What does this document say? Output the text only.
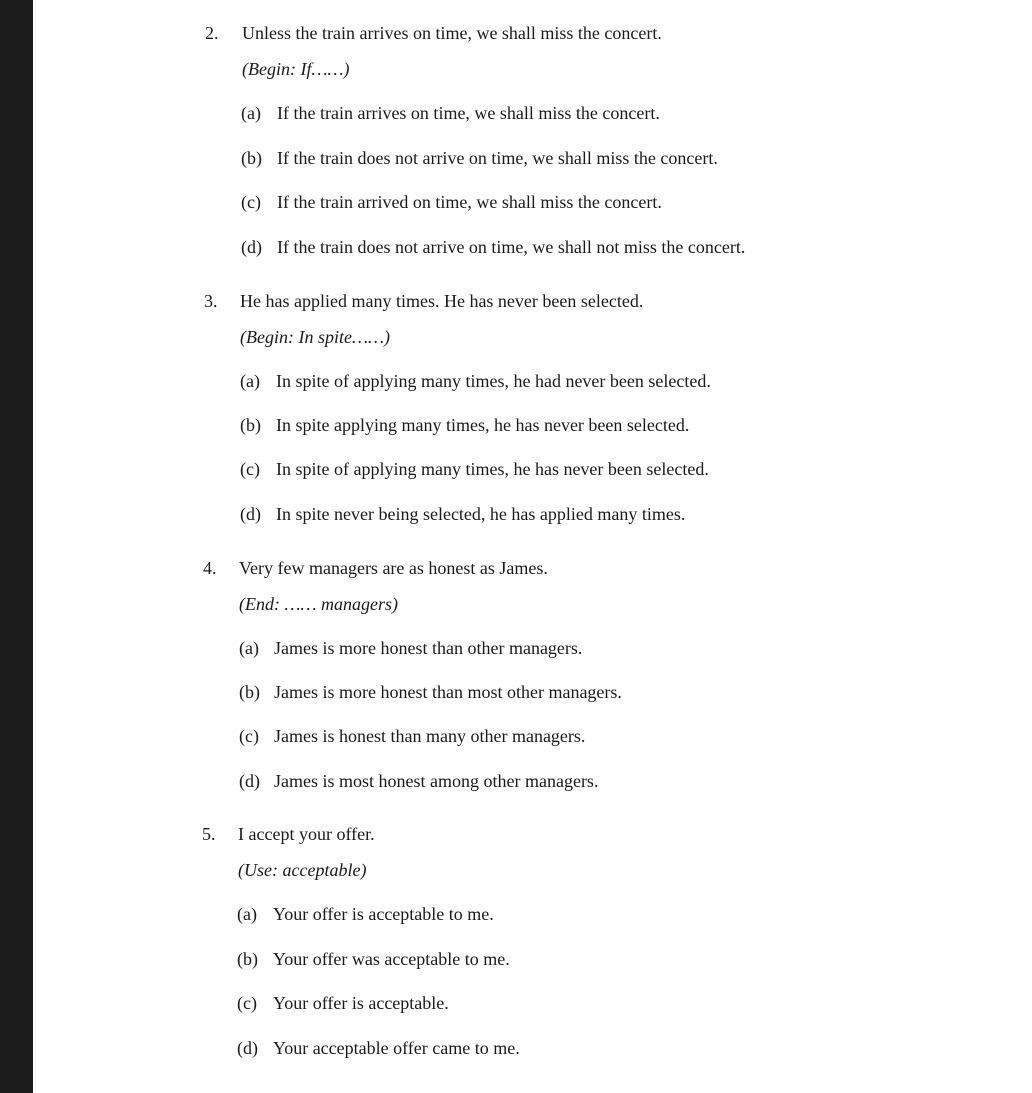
2. Unless the train arrives on time, we shall miss the concert.
(Begin: If……)
(a) If the train arrives on time, we shall miss the concert.
(b) If the train does not arrive on time, we shall miss the concert.
(c) If the train arrived on time, we shall miss the concert.
(d) If the train does not arrive on time, we shall not miss the concert.
3. He has applied many times. He has never been selected.
(Begin: In spite……)
(a) In spite of applying many times, he had never been selected.
(b) In spite applying many times, he has never been selected.
(c) In spite of applying many times, he has never been selected.
(d) In spite never being selected, he has applied many times.
4. Very few managers are as honest as James.
(End: …… managers)
(a) James is more honest than other managers.
(b) James is more honest than most other managers.
(c) James is honest than many other managers.
(d) James is most honest among other managers.
5. I accept your offer.
(Use: acceptable)
(a) Your offer is acceptable to me.
(b) Your offer was acceptable to me.
(c) Your offer is acceptable.
(d) Your acceptable offer came to me.
